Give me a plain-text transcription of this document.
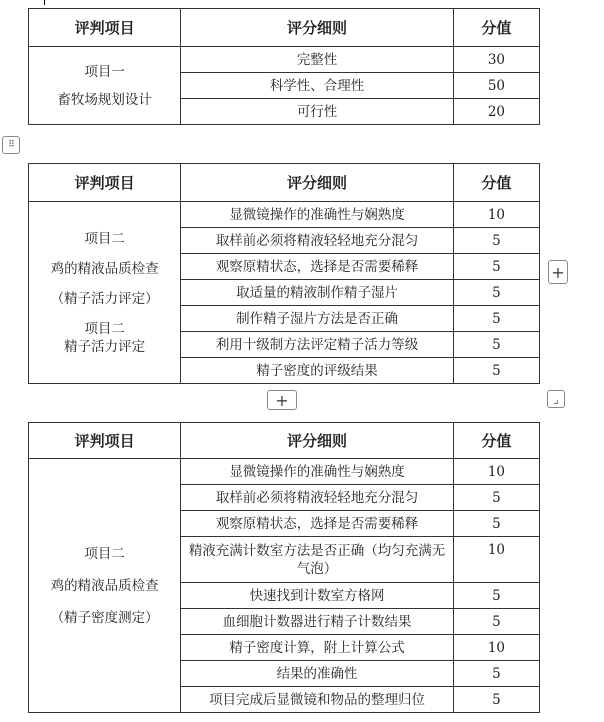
评判项目	评分细则	分值

项目一
畜牧场规划设计	完整性	30
	科学性、合理性	50
	可行性	20
⠿
评判项目	评分细则	分值

项目二
鸡的精液品质检查
（精子活力评定）
项目二
精子活力评定	显微镜操作的准确性与娴熟度	10
	取样前必须将精液轻轻地充分混匀	5
	观察原精状态，选择是否需要稀释	5
	取适量的精液制作精子湿片	5
	制作精子湿片方法是否正确	5
	利用十级制方法评定精子活力等级	5
	精子密度的评级结果	5
+
+	⌟
评判项目	评分细则	分值

项目二
鸡的精液品质检查
（精子密度测定）	显微镜操作的准确性与娴熟度	10
	取样前必须将精液轻轻地充分混匀	5
	观察原精状态，选择是否需要稀释	5
	精液充满计数室方法是否正确（均匀充满无气泡）	10
	快速找到计数室方格网	5
	血细胞计数器进行精子计数结果	5
	精子密度计算，附上计算公式	10
	结果的准确性	5
	项目完成后显微镜和物品的整理归位	5
